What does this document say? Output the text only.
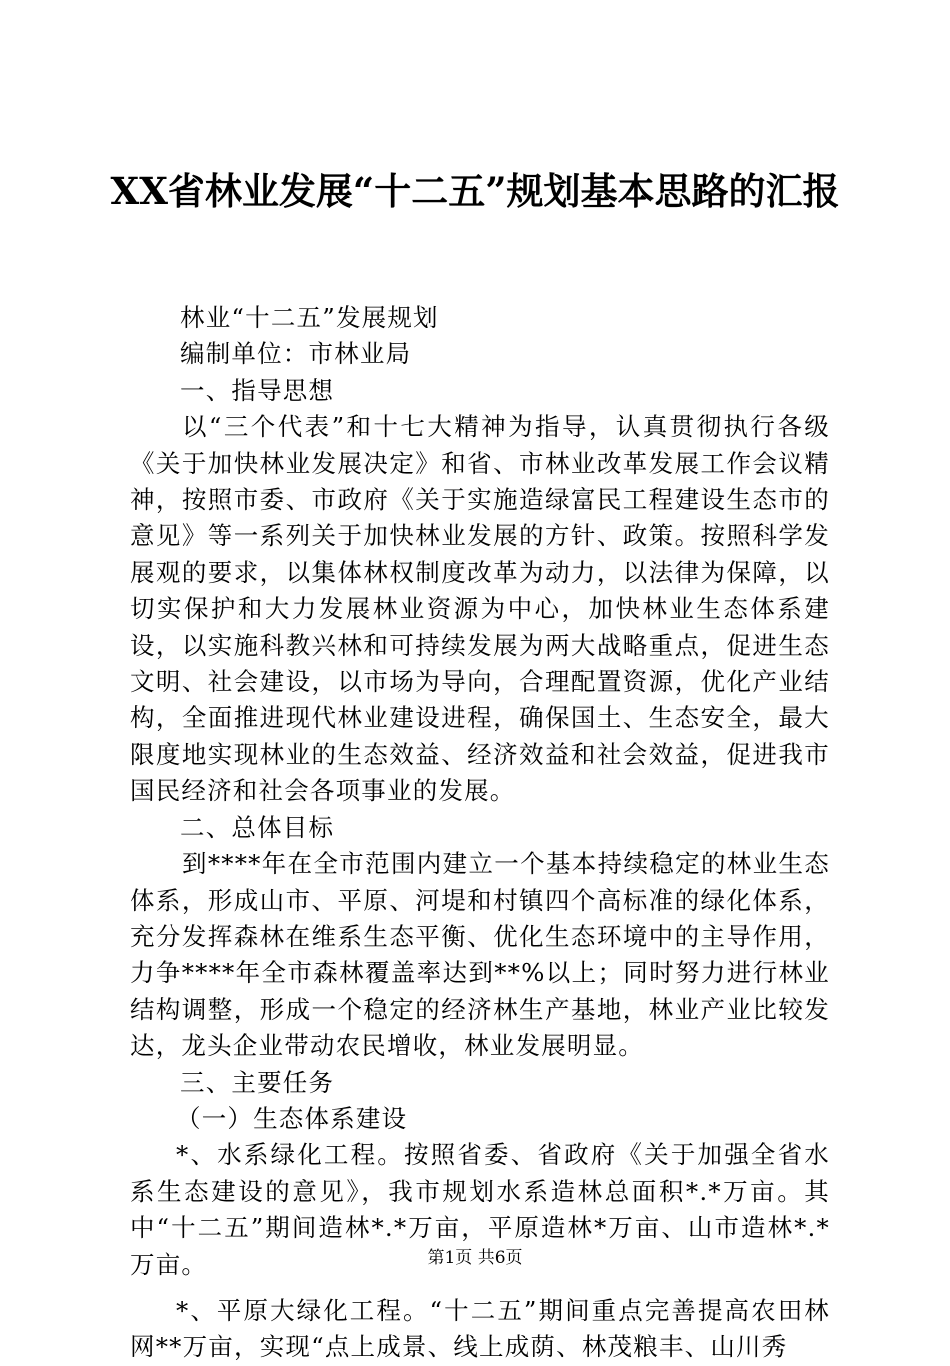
XX省林业发展“十二五”规划基本思路的汇报

林业“十二五”发展规划

编制单位：市林业局

一、指导思想

以“三个代表”和十七大精神为指导，认真贯彻执行各级《关于加快林业发展决定》和省、市林业改革发展工作会议精神，按照市委、市政府《关于实施造绿富民工程建设生态市的意见》等一系列关于加快林业发展的方针、政策。按照科学发展观的要求，以集体林权制度改革为动力，以法律为保障，以切实保护和大力发展林业资源为中心，加快林业生态体系建设，以实施科教兴林和可持续发展为两大战略重点，促进生态文明、社会建设，以市场为导向，合理配置资源，优化产业结构，全面推进现代林业建设进程，确保国土、生态安全，最大限度地实现林业的生态效益、经济效益和社会效益，促进我市国民经济和社会各项事业的发展。

二、总体目标

到****年在全市范围内建立一个基本持续稳定的林业生态体系，形成山市、平原、河堤和村镇四个高标准的绿化体系，充分发挥森林在维系生态平衡、优化生态环境中的主导作用，力争****年全市森林覆盖率达到**%以上；同时努力进行林业结构调整，形成一个稳定的经济林生产基地，林业产业比较发达，龙头企业带动农民增收，林业发展明显。

三、主要任务

（一）生态体系建设

*、水系绿化工程。按照省委、省政府《关于加强全省水系生态建设的意见》，我市规划水系造林总面积*.*万亩。其中“十二五”期间造林*.*万亩，平原造林*万亩、山市造林*.*万亩。

*、平原大绿化工程。“十二五”期间重点完善提高农田林网**万亩，实现“点上成景、线上成荫、林茂粮丰、山川秀

第1页 共6页
